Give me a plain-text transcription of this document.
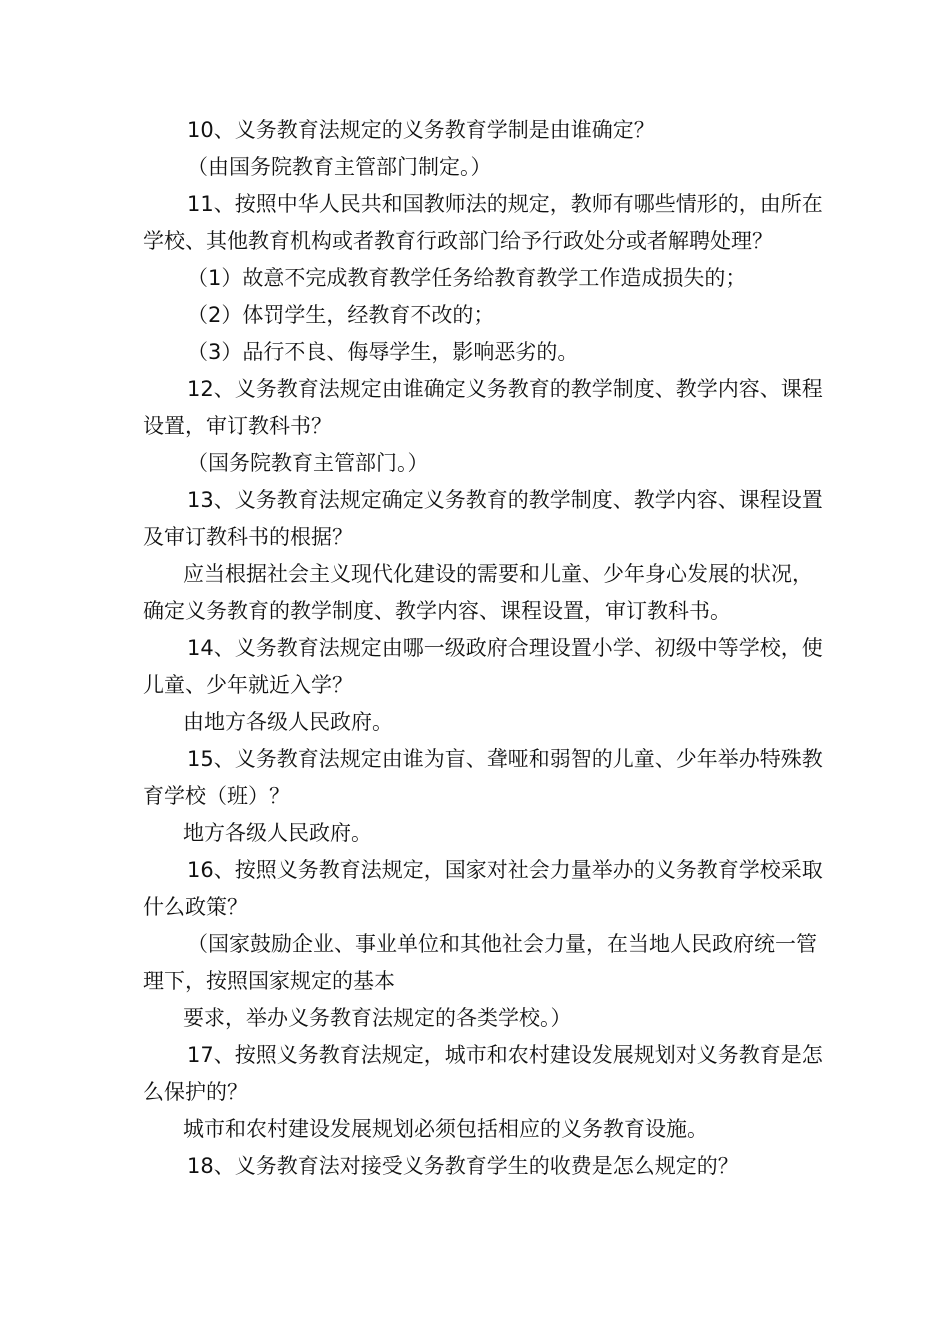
10、义务教育法规定的义务教育学制是由谁确定？

（由国务院教育主管部门制定。）

11、按照中华人民共和国教师法的规定，教师有哪些情形的，由所在学校、其他教育机构或者教育行政部门给予行政处分或者解聘处理？

（1）故意不完成教育教学任务给教育教学工作造成损失的；

（2）体罚学生，经教育不改的；

（3）品行不良、侮辱学生，影响恶劣的。

12、义务教育法规定由谁确定义务教育的教学制度、教学内容、课程设置，审订教科书？

（国务院教育主管部门。）

13、义务教育法规定确定义务教育的教学制度、教学内容、课程设置及审订教科书的根据？

应当根据社会主义现代化建设的需要和儿童、少年身心发展的状况，确定义务教育的教学制度、教学内容、课程设置，审订教科书。

14、义务教育法规定由哪一级政府合理设置小学、初级中等学校，使儿童、少年就近入学？

由地方各级人民政府。

15、义务教育法规定由谁为盲、聋哑和弱智的儿童、少年举办特殊教育学校（班）？

地方各级人民政府。

16、按照义务教育法规定，国家对社会力量举办的义务教育学校采取什么政策？

（国家鼓励企业、事业单位和其他社会力量，在当地人民政府统一管理下，按照国家规定的基本

要求，举办义务教育法规定的各类学校。）

17、按照义务教育法规定，城市和农村建设发展规划对义务教育是怎么保护的？

城市和农村建设发展规划必须包括相应的义务教育设施。

18、义务教育法对接受义务教育学生的收费是怎么规定的？
